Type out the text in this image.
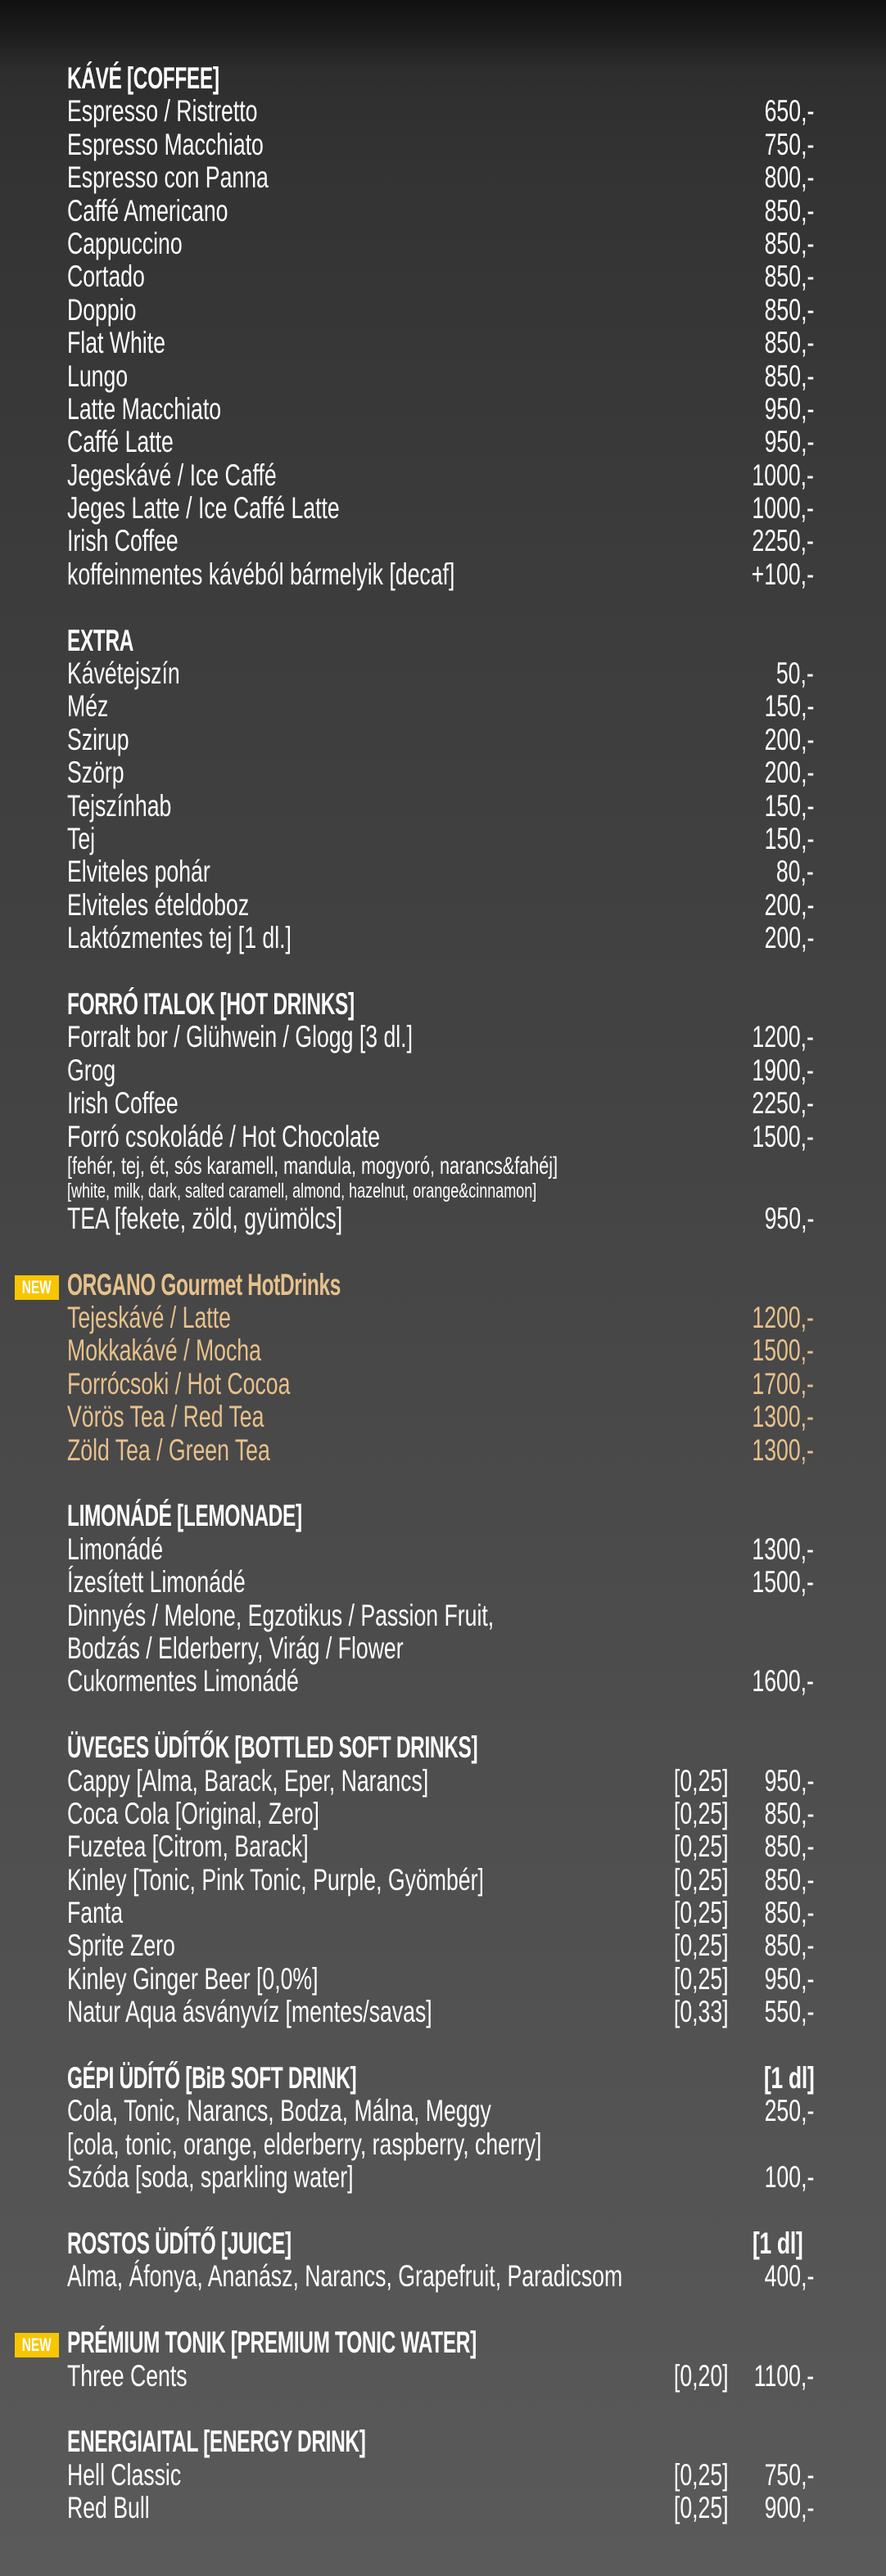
KÁVÉ [COFFEE]
Espresso / Ristretto	650,-
Espresso Macchiato	750,-
Espresso con Panna	800,-
Caffé Americano	850,-
Cappuccino	850,-
Cortado	850,-
Doppio	850,-
Flat White	850,-
Lungo	850,-
Latte Macchiato	950,-
Caffé Latte	950,-
Jegeskávé / Ice Caffé	1000,-
Jeges Latte / Ice Caffé Latte	1000,-
Irish Coffee	2250,-
koffeinmentes kávéból bármelyik [decaf]	+100,-
EXTRA
Kávétejszín	50,-
Méz	150,-
Szirup	200,-
Szörp	200,-
Tejszínhab	150,-
Tej	150,-
Elviteles pohár	80,-
Elviteles ételdoboz	200,-
Laktózmentes tej [1 dl.]	200,-
FORRÓ ITALOK [HOT DRINKS]
Forralt bor / Glühwein / Glogg [3 dl.]	1200,-
Grog	1900,-
Irish Coffee	2250,-
Forró csokoládé / Hot Chocolate	1500,-
[fehér, tej, ét, sós karamell, mandula, mogyoró, narancs&fahéj]
[white, milk, dark, salted caramell, almond, hazelnut, orange&cinnamon]
TEA [fekete, zöld, gyümölcs]	950,-
NEW ORGANO Gourmet HotDrinks
Tejeskávé / Latte	1200,-
Mokkakávé / Mocha	1500,-
Forrócsoki / Hot Cocoa	1700,-
Vörös Tea / Red Tea	1300,-
Zöld Tea / Green Tea	1300,-
LIMONÁDÉ [LEMONADE]
Limonádé	1300,-
Ízesített Limonádé	1500,-
Dinnyés / Melone, Egzotikus / Passion Fruit,
Bodzás / Elderberry, Virág / Flower
Cukormentes Limonádé	1600,-
ÜVEGES ÜDÍTŐK [BOTTLED SOFT DRINKS]
Cappy [Alma, Barack, Eper, Narancs]	[0,25]	950,-
Coca Cola [Original, Zero]	[0,25]	850,-
Fuzetea [Citrom, Barack]	[0,25]	850,-
Kinley [Tonic, Pink Tonic, Purple, Gyömbér]	[0,25]	850,-
Fanta	[0,25]	850,-
Sprite Zero	[0,25]	850,-
Kinley Ginger Beer [0,0%]	[0,25]	950,-
Natur Aqua ásványvíz [mentes/savas]	[0,33]	550,-
GÉPI ÜDÍTŐ [BiB SOFT DRINK]	[1 dl]
Cola, Tonic, Narancs, Bodza, Málna, Meggy	250,-
[cola, tonic, orange, elderberry, raspberry, cherry]
Szóda [soda, sparkling water]	100,-
ROSTOS ÜDÍTŐ [JUICE]	[1 dl]
Alma, Áfonya, Ananász, Narancs, Grapefruit, Paradicsom	400,-
NEW PRÉMIUM TONIK [PREMIUM TONIC WATER]
Three Cents	[0,20] 1100,-
ENERGIAITAL [ENERGY DRINK]
Hell Classic	[0,25]	750,-
Red Bull	[0,25]	900,-
